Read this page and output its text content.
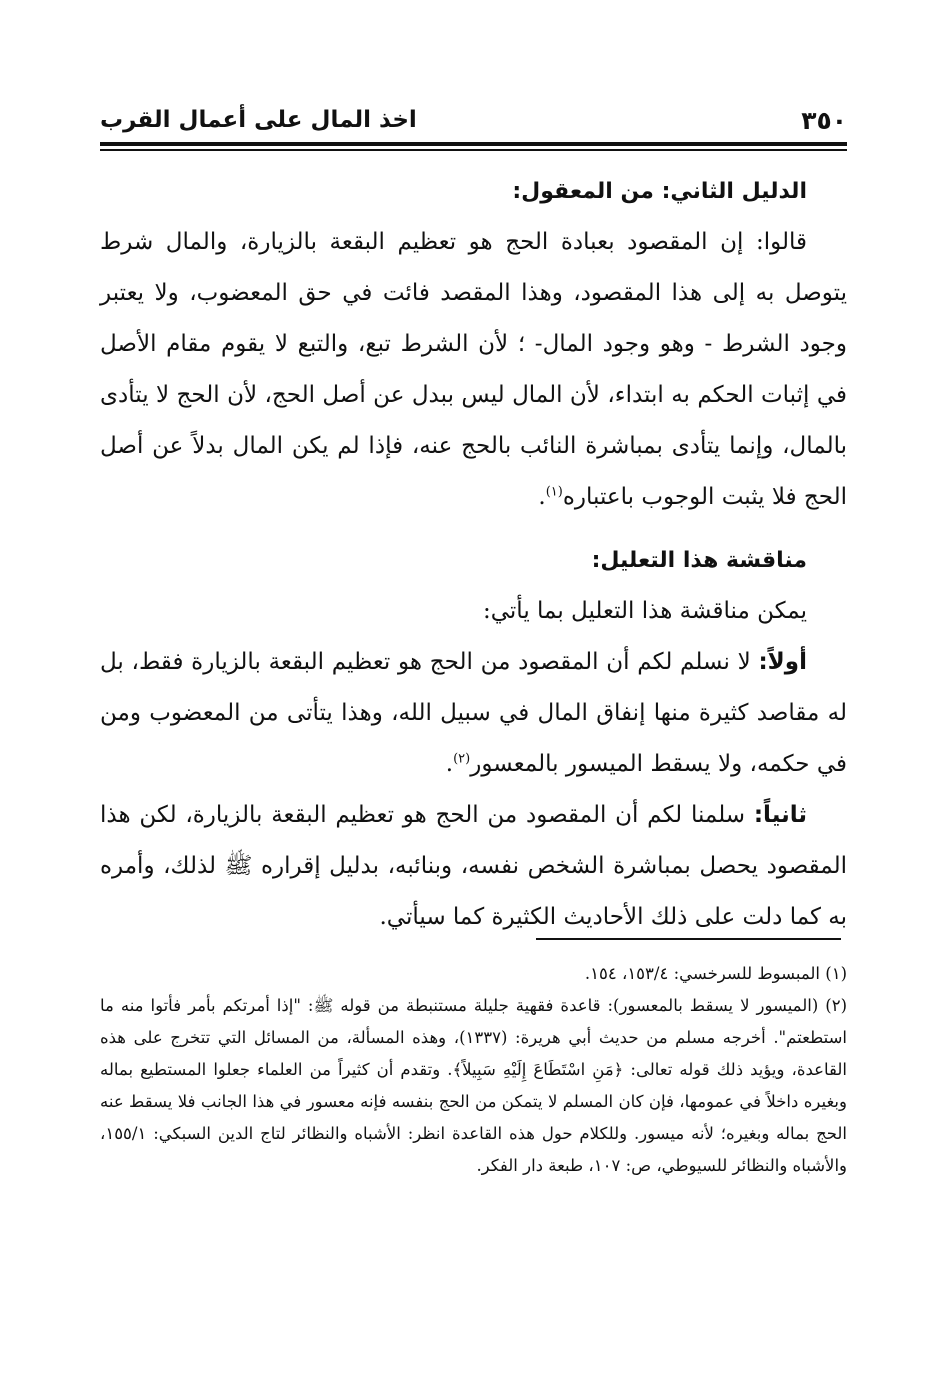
اخذ المال على أعمال القرب	٣٥٠

الدليل الثاني: من المعقول:

قالوا: إن المقصود بعبادة الحج هو تعظيم البقعة بالزيارة، والمال شرط يتوصل به إلى هذا المقصود، وهذا المقصد فائت في حق المعضوب، ولا يعتبر وجود الشرط - وهو وجود المال- ؛ لأن الشرط تبع، والتبع لا يقوم مقام الأصل في إثبات الحكم به ابتداء، لأن المال ليس ببدل عن أصل الحج، لأن الحج لا يتأدى بالمال، وإنما يتأدى بمباشرة النائب بالحج عنه، فإذا لم يكن المال بدلاً عن أصل الحج فلا يثبت الوجوب باعتباره$^{(١)}$.

مناقشة هذا التعليل:

يمكن مناقشة هذا التعليل بما يأتي:

أولاً: لا نسلم لكم أن المقصود من الحج هو تعظيم البقعة بالزيارة فقط، بل له مقاصد كثيرة منها إنفاق المال في سبيل الله، وهذا يتأتى من المعضوب ومن في حكمه، ولا يسقط الميسور بالمعسور$^{(٢)}$.

ثانياً: سلمنا لكم أن المقصود من الحج هو تعظيم البقعة بالزيارة، لكن هذا المقصود يحصل بمباشرة الشخص نفسه، وبنائبه، بدليل إقراره ﷺ لذلك، وأمره به كما دلت على ذلك الأحاديث الكثيرة كما سيأتي.

(١) المبسوط للسرخسي: ١٥٣/٤، ١٥٤.

(٢) (الميسور لا يسقط بالمعسور): قاعدة فقهية جليلة مستنبطة من قوله ﷺ: "إذا أمرتكم بأمر فأتوا منه ما استطعتم". أخرجه مسلم من حديث أبي هريرة: (١٣٣٧)، وهذه المسألة، من المسائل التي تتخرج على هذه القاعدة، ويؤيد ذلك قوله تعالى: ﴿مَنِ اسْتَطَاعَ إِلَيْهِ سَبِيلاً﴾. وتقدم أن كثيراً من العلماء جعلوا المستطيع بماله وبغيره داخلاً في عمومها، فإن كان المسلم لا يتمكن من الحج بنفسه فإنه معسور في هذا الجانب فلا يسقط عنه الحج بماله وبغيره؛ لأنه ميسور. وللكلام حول هذه القاعدة انظر: الأشباه والنظائر لتاج الدين السبكي: ١٥٥/١، والأشباه والنظائر للسيوطي، ص: ١٠٧، طبعة دار الفكر.
